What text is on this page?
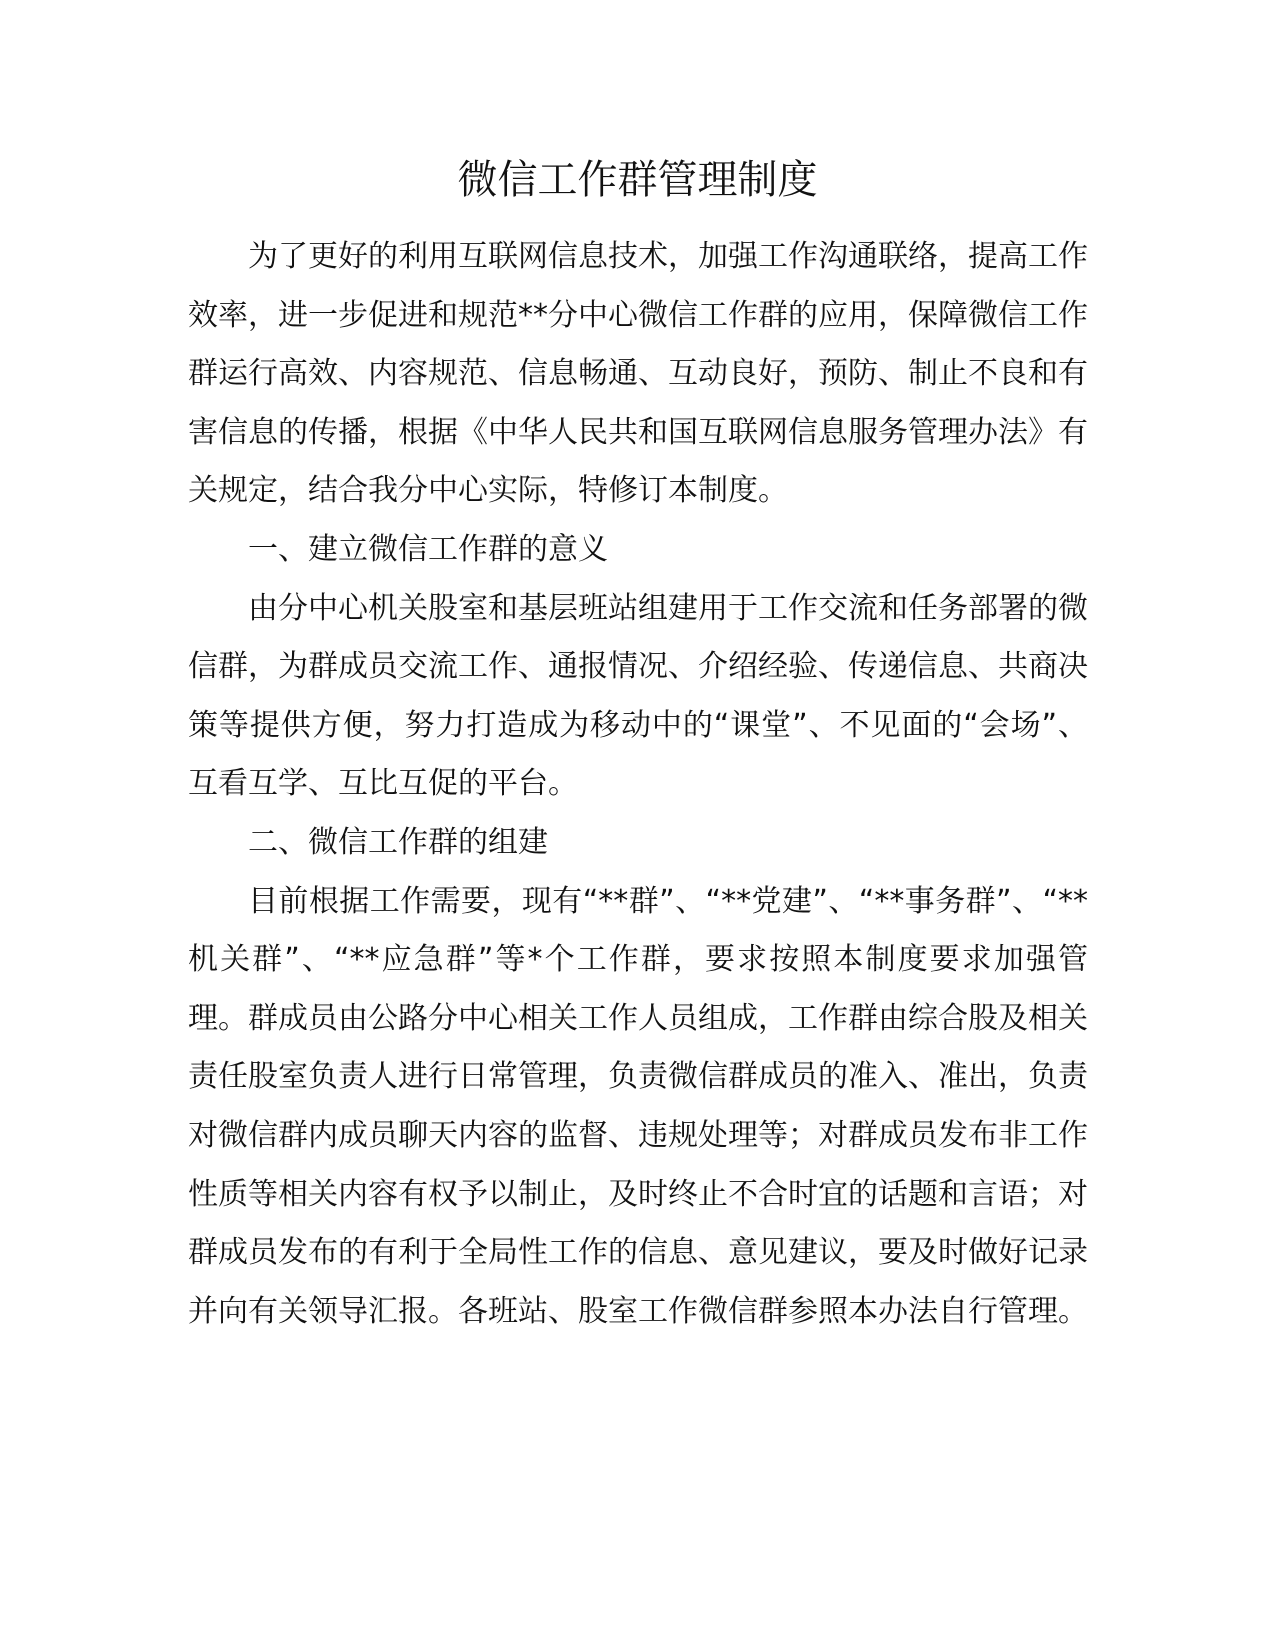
微信工作群管理制度

为了更好的利用互联网信息技术，加强工作沟通联络，提高工作效率，进一步促进和规范**分中心微信工作群的应用，保障微信工作群运行高效、内容规范、信息畅通、互动良好，预防、制止不良和有害信息的传播，根据《中华人民共和国互联网信息服务管理办法》有关规定，结合我分中心实际，特修订本制度。

一、建立微信工作群的意义

由分中心机关股室和基层班站组建用于工作交流和任务部署的微信群，为群成员交流工作、通报情况、介绍经验、传递信息、共商决策等提供方便，努力打造成为移动中的“课堂”、不见面的“会场”、互看互学、互比互促的平台。

二、微信工作群的组建

目前根据工作需要，现有“**群”、“**党建”、“**事务群”、“**机关群”、“**应急群”等*个工作群，要求按照本制度要求加强管理。群成员由公路分中心相关工作人员组成，工作群由综合股及相关责任股室负责人进行日常管理，负责微信群成员的准入、准出，负责对微信群内成员聊天内容的监督、违规处理等；对群成员发布非工作性质等相关内容有权予以制止，及时终止不合时宜的话题和言语；对群成员发布的有利于全局性工作的信息、意见建议，要及时做好记录并向有关领导汇报。各班站、股室工作微信群参照本办法自行管理。
